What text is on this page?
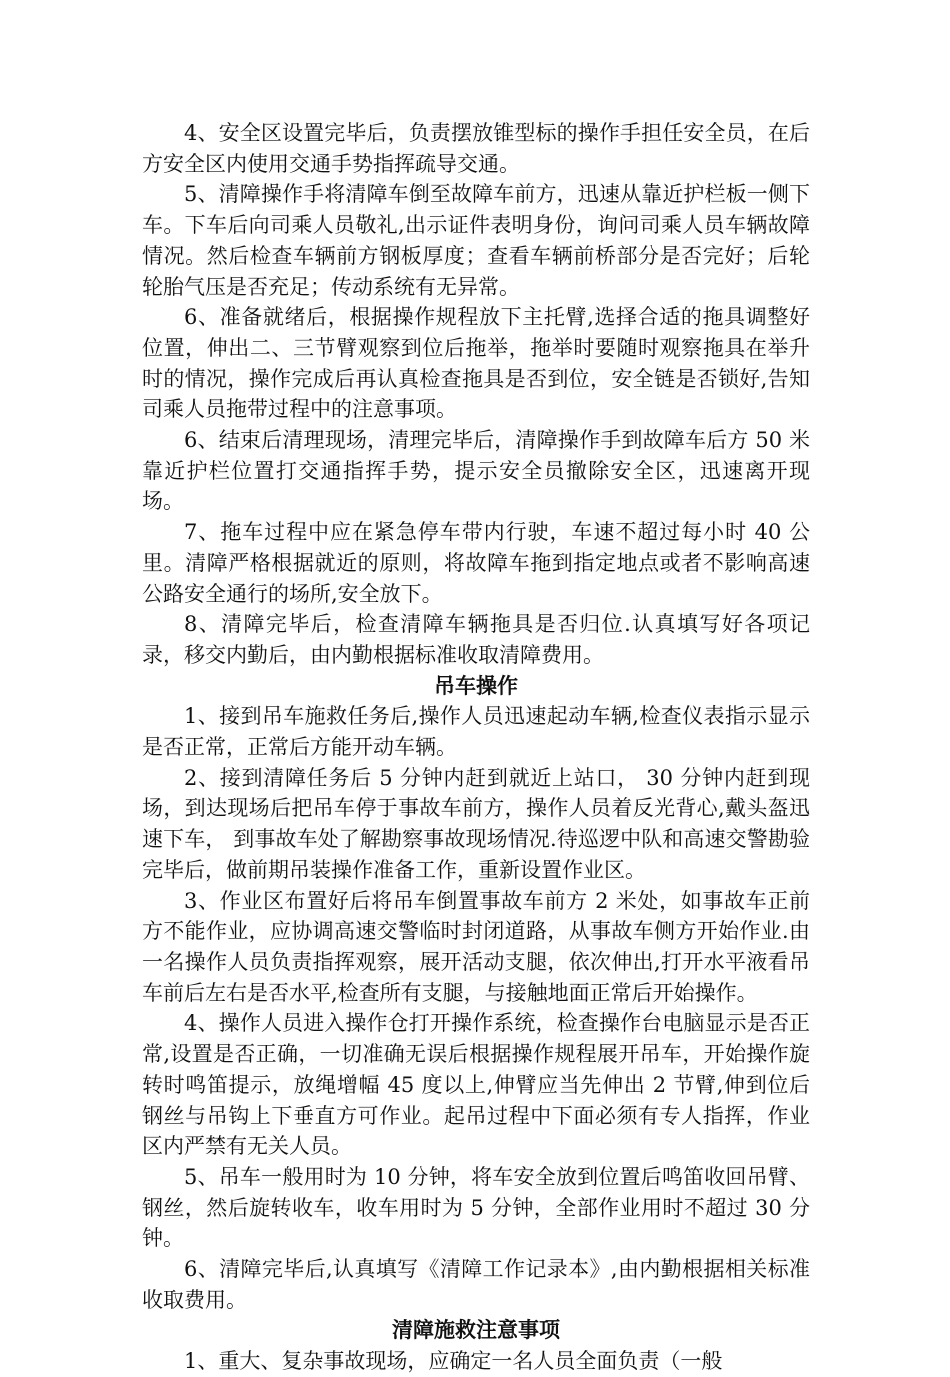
4、安全区设置完毕后，负责摆放锥型标的操作手担任安全员，在后方安全区内使用交通手势指挥疏导交通。

5、清障操作手将清障车倒至故障车前方，迅速从靠近护栏板一侧下车。下车后向司乘人员敬礼,出示证件表明身份，询问司乘人员车辆故障情况。然后检查车辆前方钢板厚度；查看车辆前桥部分是否完好；后轮轮胎气压是否充足；传动系统有无异常。

6、准备就绪后，根据操作规程放下主托臂,选择合适的拖具调整好位置，伸出二、三节臂观察到位后拖举，拖举时要随时观察拖具在举升时的情况，操作完成后再认真检查拖具是否到位，安全链是否锁好,告知司乘人员拖带过程中的注意事项。

6、结束后清理现场，清理完毕后，清障操作手到故障车后方 50 米靠近护栏位置打交通指挥手势，提示安全员撤除安全区，迅速离开现场。

7、拖车过程中应在紧急停车带内行驶，车速不超过每小时 40 公里。清障严格根据就近的原则，将故障车拖到指定地点或者不影响高速公路安全通行的场所,安全放下。

8、清障完毕后，检查清障车辆拖具是否归位.认真填写好各项记录，移交内勤后，由内勤根据标准收取清障费用。

吊车操作

1、接到吊车施救任务后,操作人员迅速起动车辆,检查仪表指示显示是否正常，正常后方能开动车辆。

2、接到清障任务后 5 分钟内赶到就近上站口， 30 分钟内赶到现场，到达现场后把吊车停于事故车前方，操作人员着反光背心,戴头盔迅速下车， 到事故车处了解勘察事故现场情况.待巡逻中队和高速交警勘验完毕后，做前期吊装操作准备工作，重新设置作业区。

3、作业区布置好后将吊车倒置事故车前方 2 米处，如事故车正前方不能作业，应协调高速交警临时封闭道路，从事故车侧方开始作业.由一名操作人员负责指挥观察，展开活动支腿，依次伸出,打开水平液看吊车前后左右是否水平,检查所有支腿，与接触地面正常后开始操作。

4、操作人员进入操作仓打开操作系统，检查操作台电脑显示是否正常,设置是否正确，一切准确无误后根据操作规程展开吊车，开始操作旋转时鸣笛提示，放绳增幅 45 度以上,伸臂应当先伸出 2 节臂,伸到位后钢丝与吊钩上下垂直方可作业。起吊过程中下面必须有专人指挥，作业区内严禁有无关人员。

5、吊车一般用时为 10 分钟，将车安全放到位置后鸣笛收回吊臂、钢丝，然后旋转收车，收车用时为 5 分钟，全部作业用时不超过 30 分钟。

6、清障完毕后,认真填写《清障工作记录本》,由内勤根据相关标准收取费用。

清障施救注意事项

1、重大、复杂事故现场，应确定一名人员全面负责（一般
